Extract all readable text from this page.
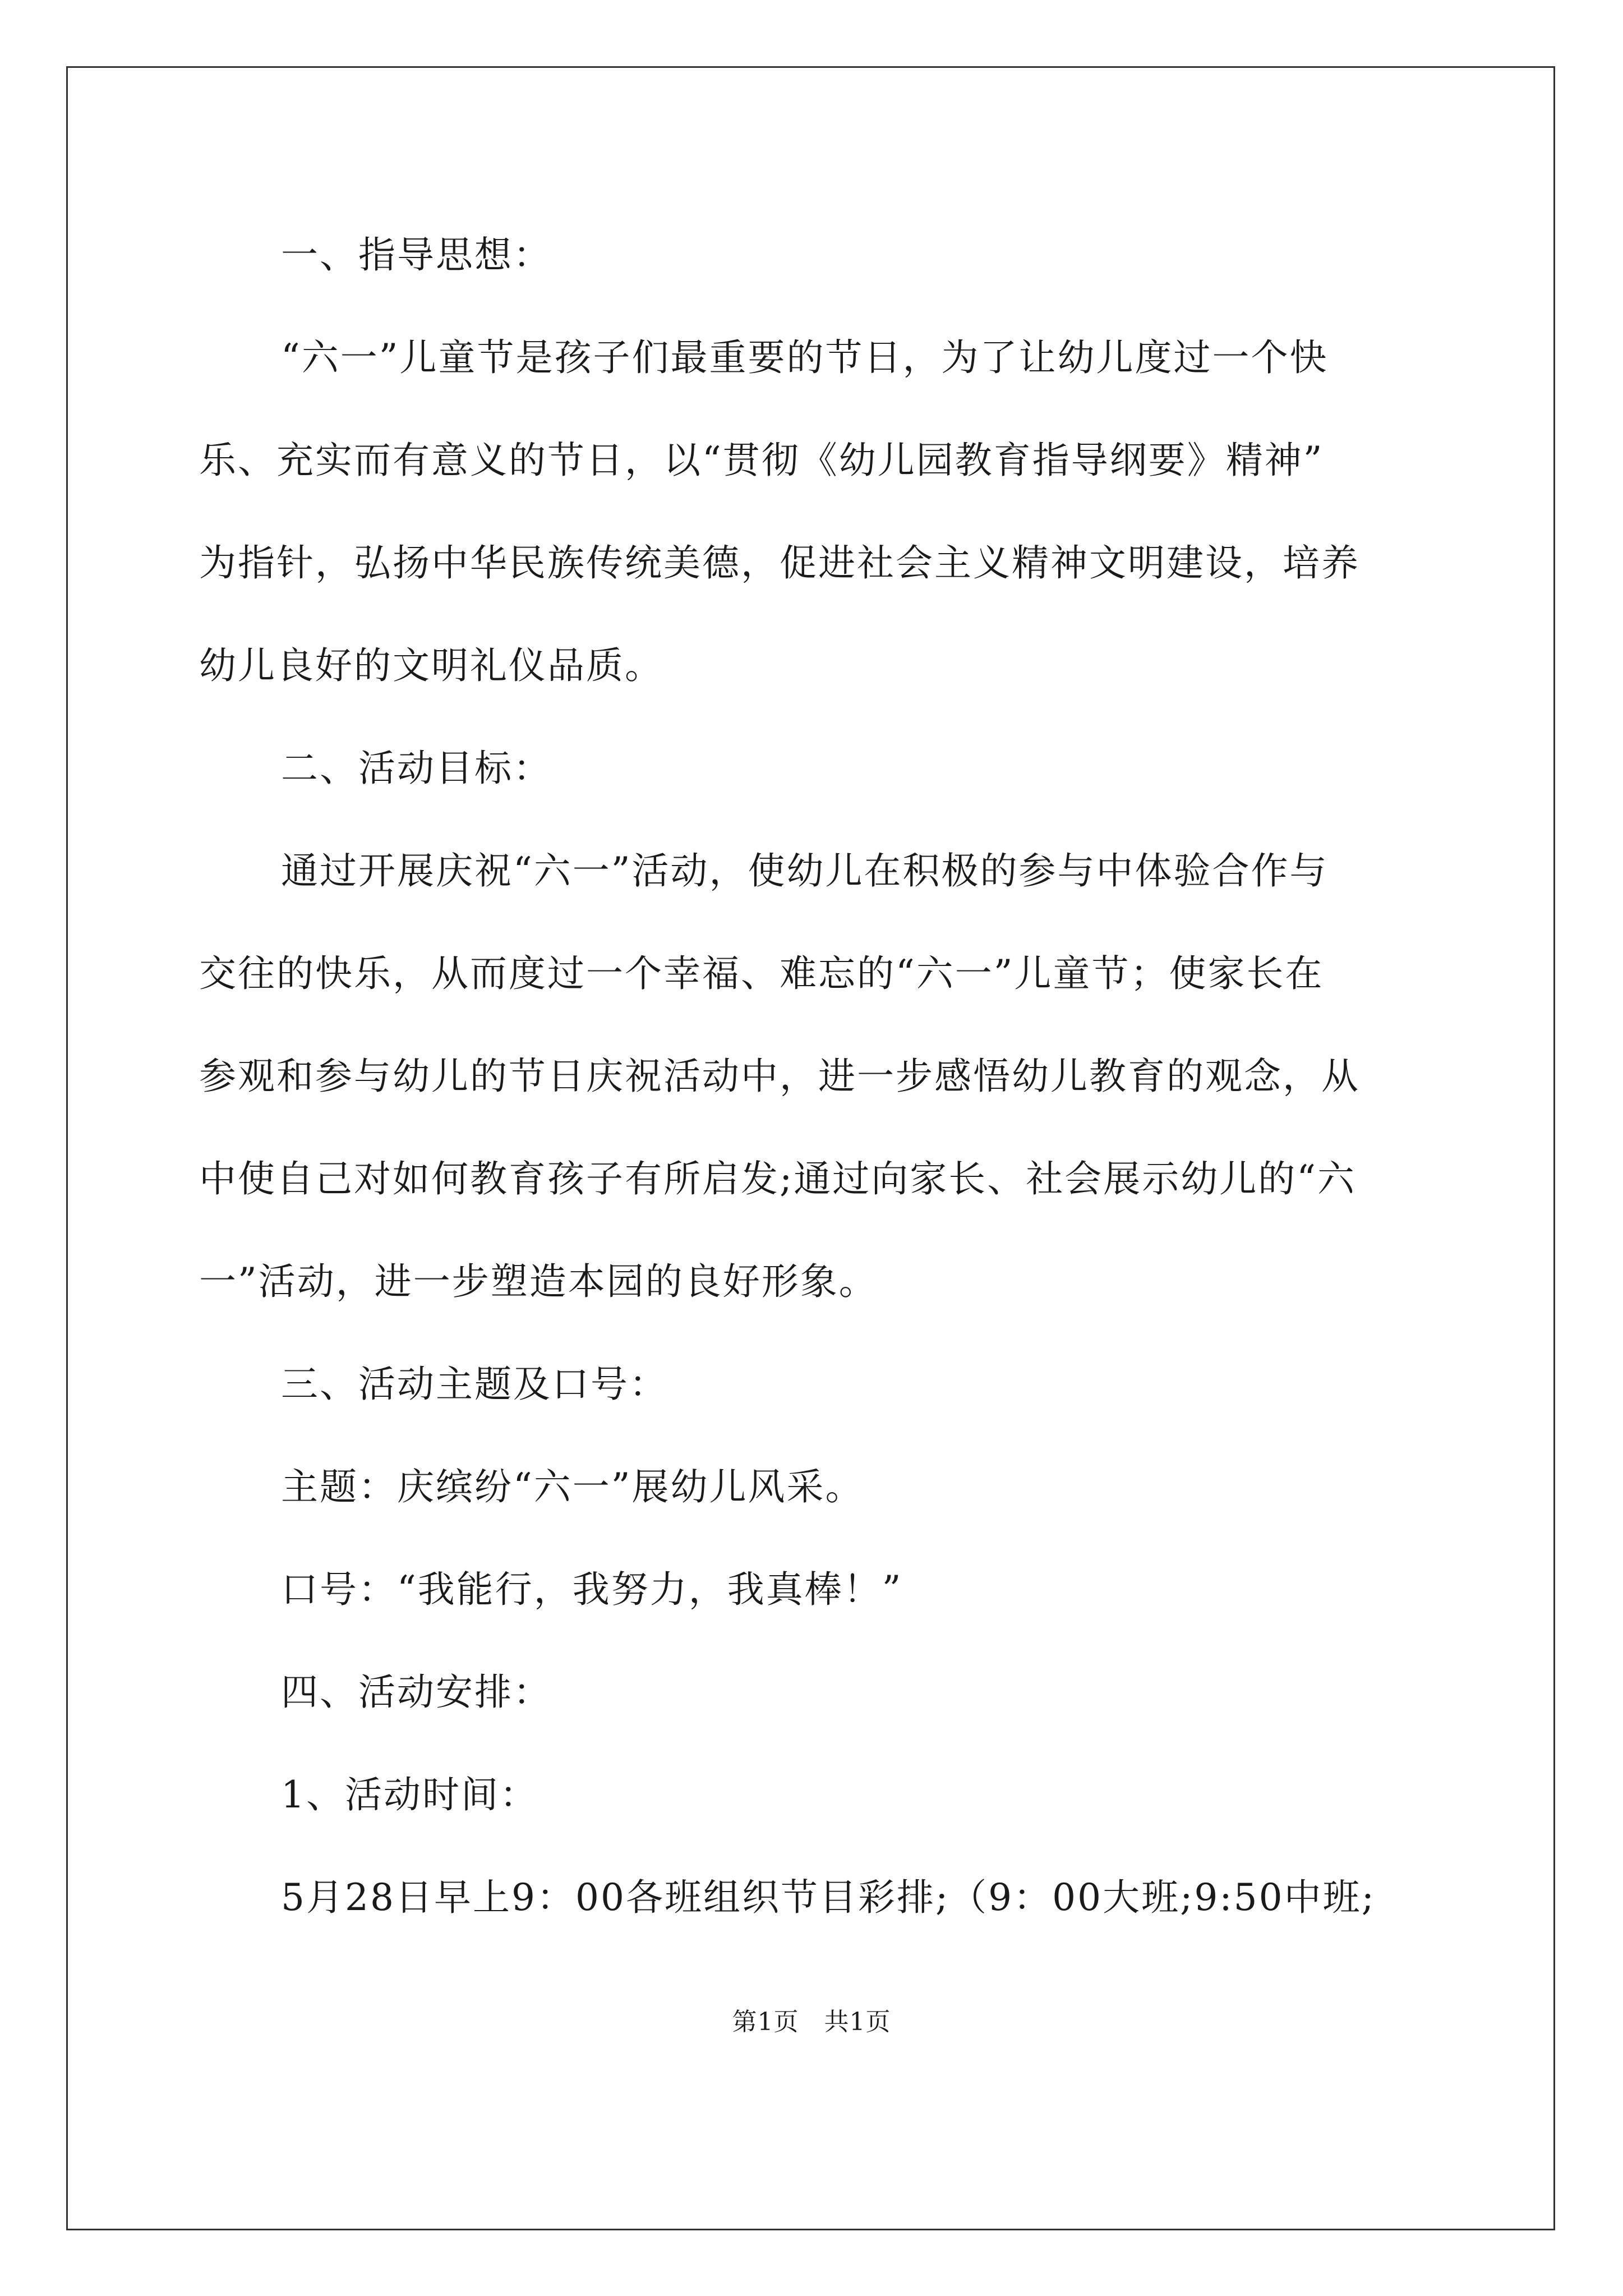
一、指导思想：
“六一”儿童节是孩子们最重要的节日，为了让幼儿度过一个快
乐、充实而有意义的节日，以“贯彻《幼儿园教育指导纲要》精神”
为指针，弘扬中华民族传统美德，促进社会主义精神文明建设，培养
幼儿良好的文明礼仪品质。
二、活动目标：
通过开展庆祝“六一”活动，使幼儿在积极的参与中体验合作与
交往的快乐，从而度过一个幸福、难忘的“六一”儿童节；使家长在
参观和参与幼儿的节日庆祝活动中，进一步感悟幼儿教育的观念，从
中使自己对如何教育孩子有所启发;通过向家长、社会展示幼儿的“六
一”活动，进一步塑造本园的良好形象。
三、活动主题及口号：
主题：庆缤纷“六一”展幼儿风采。
口号：“我能行，我努力，我真棒！”
四、活动安排：
1、活动时间：
5月28日早上9：00各班组织节目彩排;（9：00大班;9:50中班;
第1页　共1页
